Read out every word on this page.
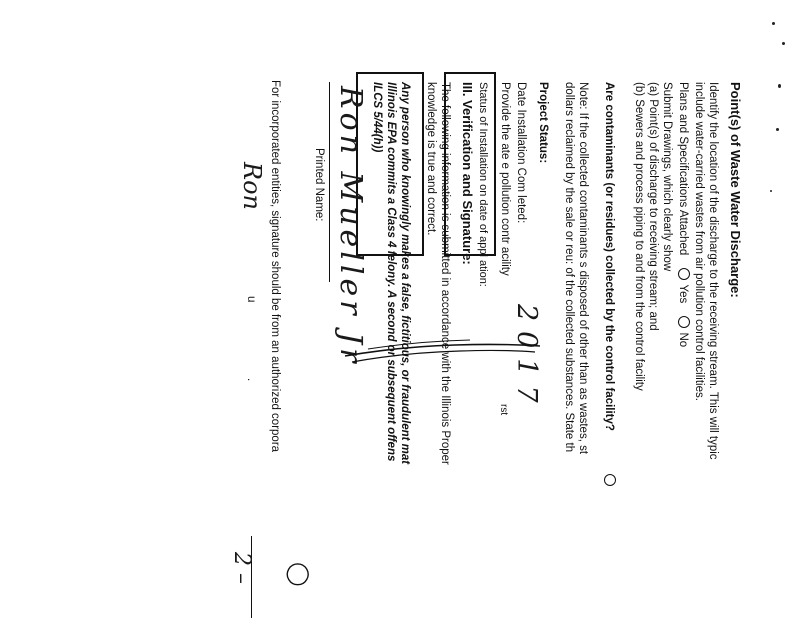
Point(s) of Waste Water Discharge:
Identify the location of the discharge to the receiving stream. This will typic
include water-carried wastes from air pollution control facilities.
Plans and Specifications Attached Yes No
Submit Drawings, which clearly show
(a) Point(s) of discharge to receiving stream; and
(b) Sewers and process piping to and from the control facility
Are contaminants (or residues) collected by the control facility?
Note: If the collected contaminants s disposed of other than as wastes, st
dollars reclaimed by the sale or reu: of the collected substances. State th
Project Status:
Date Installation Com leted:
2017
Provide the ate e pollution contr acility
rst
Status of Installation on date of appl ation:
III. Verification and Signature:
The following information is submitted in accordance with the Illinois Proper
knowledge is true and correct.
Any person who knowingly makes a false, fictitious, or fraudulent mat
Illinois EPA commits a Class 4 felony. A second or subsequent offens
ILCS 5/44(h))
Ron Mueller Jr
Printed Name:
◯
For incorporated entities, signature should be from an authorized corpora
Ron
u
.
2 –
